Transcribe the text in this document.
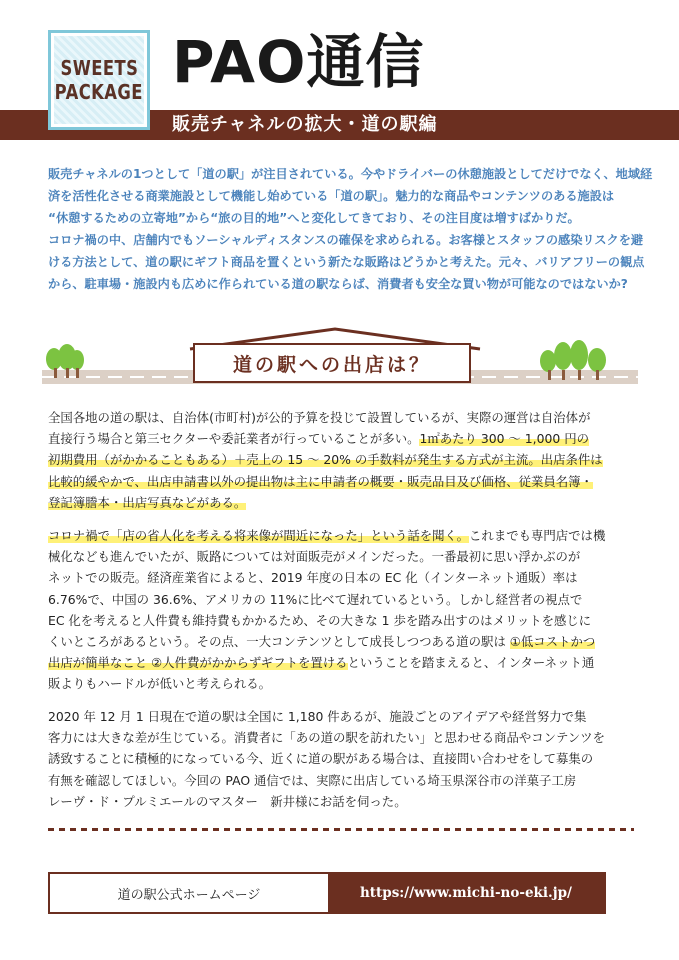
SWEETS
PACKAGE PAO通信
販売チャネルの拡大・道の駅編

販売チャネルの1つとして「道の駅」が注目されている。今やドライバーの休憩施設としてだけでなく、地域経

済を活性化させる商業施設として機能し始めている「道の駅」。魅力的な商品やコンテンツのある施設は

“休憩するための立寄地”から“旅の目的地”へと変化してきており、その注目度は増すばかりだ。

コロナ禍の中、店舗内でもソーシャルディスタンスの確保を求められる。お客様とスタッフの感染リスクを避

ける方法として、道の駅にギフト商品を置くという新たな販路はどうかと考えた。元々、バリアフリーの観点

から、駐車場・施設内も広めに作られている道の駅ならば、消費者も安全な買い物が可能なのではないか?

道の駅への出店は？
全国各地の道の駅は、自治体(市町村)が公的予算を投じて設置しているが、実際の運営は自治体が
直接行う場合と第三セクターや委託業者が行っていることが多い。1㎡あたり 300 〜 1,000 円の
初期費用（がかかることもある）＋売上の 15 〜 20% の手数料が発生する方式が主流。出店条件は
比較的緩やかで、出店申請書以外の提出物は主に申請者の概要・販売品目及び価格、従業員名簿・
登記簿謄本・出店写真などがある。
コロナ禍で「店の省人化を考える将来像が間近になった」という話を聞く。これまでも専門店では機
械化なども進んでいたが、販路については対面販売がメインだった。一番最初に思い浮かぶのが
ネットでの販売。経済産業省によると、2019 年度の日本の EC 化（インターネット通販）率は
6.76%で、中国の 36.6%、アメリカの 11%に比べて遅れているという。しかし経営者の視点で
EC 化を考えると人件費も維持費もかかるため、その大きな 1 歩を踏み出すのはメリットを感じに
くいところがあるという。その点、一大コンテンツとして成長しつつある道の駅は ①低コストかつ
出店が簡単なこと ②人件費がかからずギフトを置けるということを踏まえると、インターネット通
販よりもハードルが低いと考えられる。
2020 年 12 月 1 日現在で道の駅は全国に 1,180 件あるが、施設ごとのアイデアや経営努力で集
客力には大きな差が生じている。消費者に「あの道の駅を訪れたい」と思わせる商品やコンテンツを
誘致することに積極的になっている今、近くに道の駅がある場合は、直接問い合わせをして募集の
有無を確認してほしい。今回の PAO 通信では、実際に出店している埼玉県深谷市の洋菓子工房
レーヴ・ド・プルミエールのマスター　新井様にお話を伺った。
道の駅公式ホームページ	https://www.michi-no-eki.jp/
